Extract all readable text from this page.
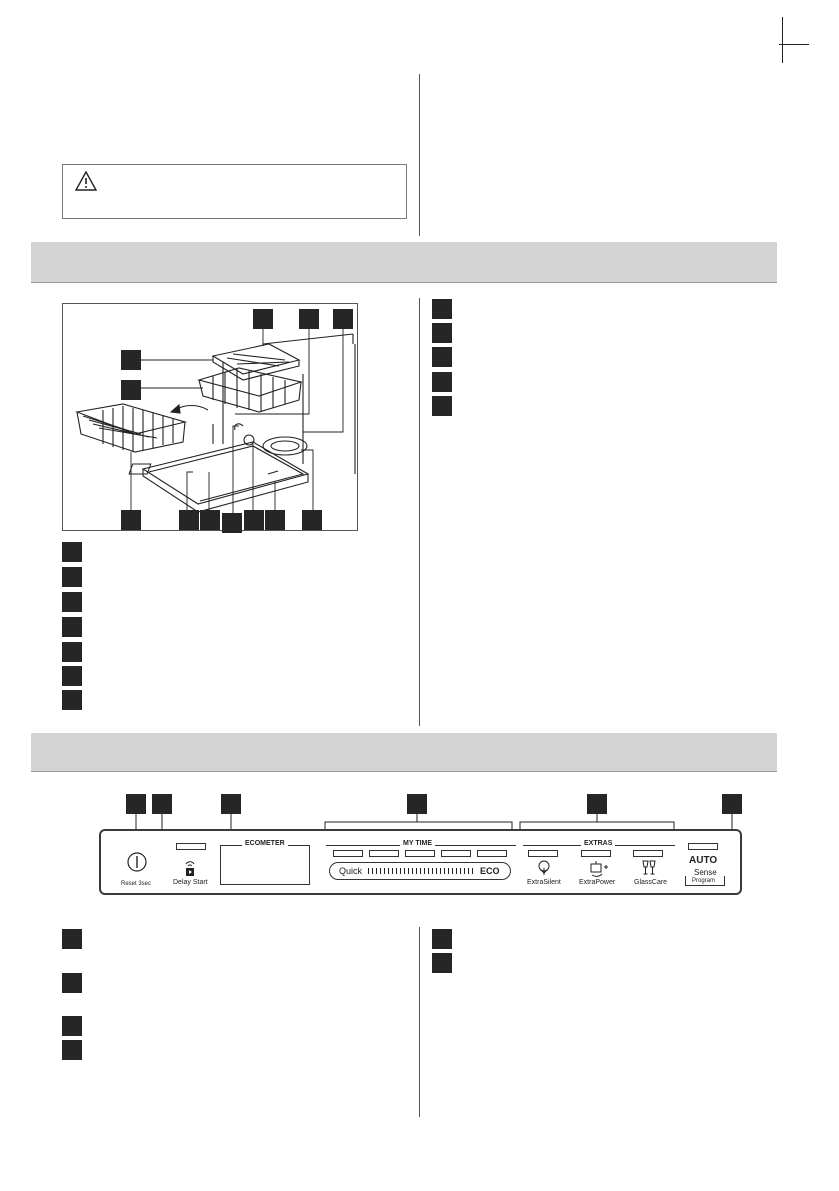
Reset 3sec	Delay Start
ECOMETER	MY TIME
Quick	ECO
EXTRAS
ExtraSilent	ExtraPower	GlassCare
AUTO
Sense
Program
